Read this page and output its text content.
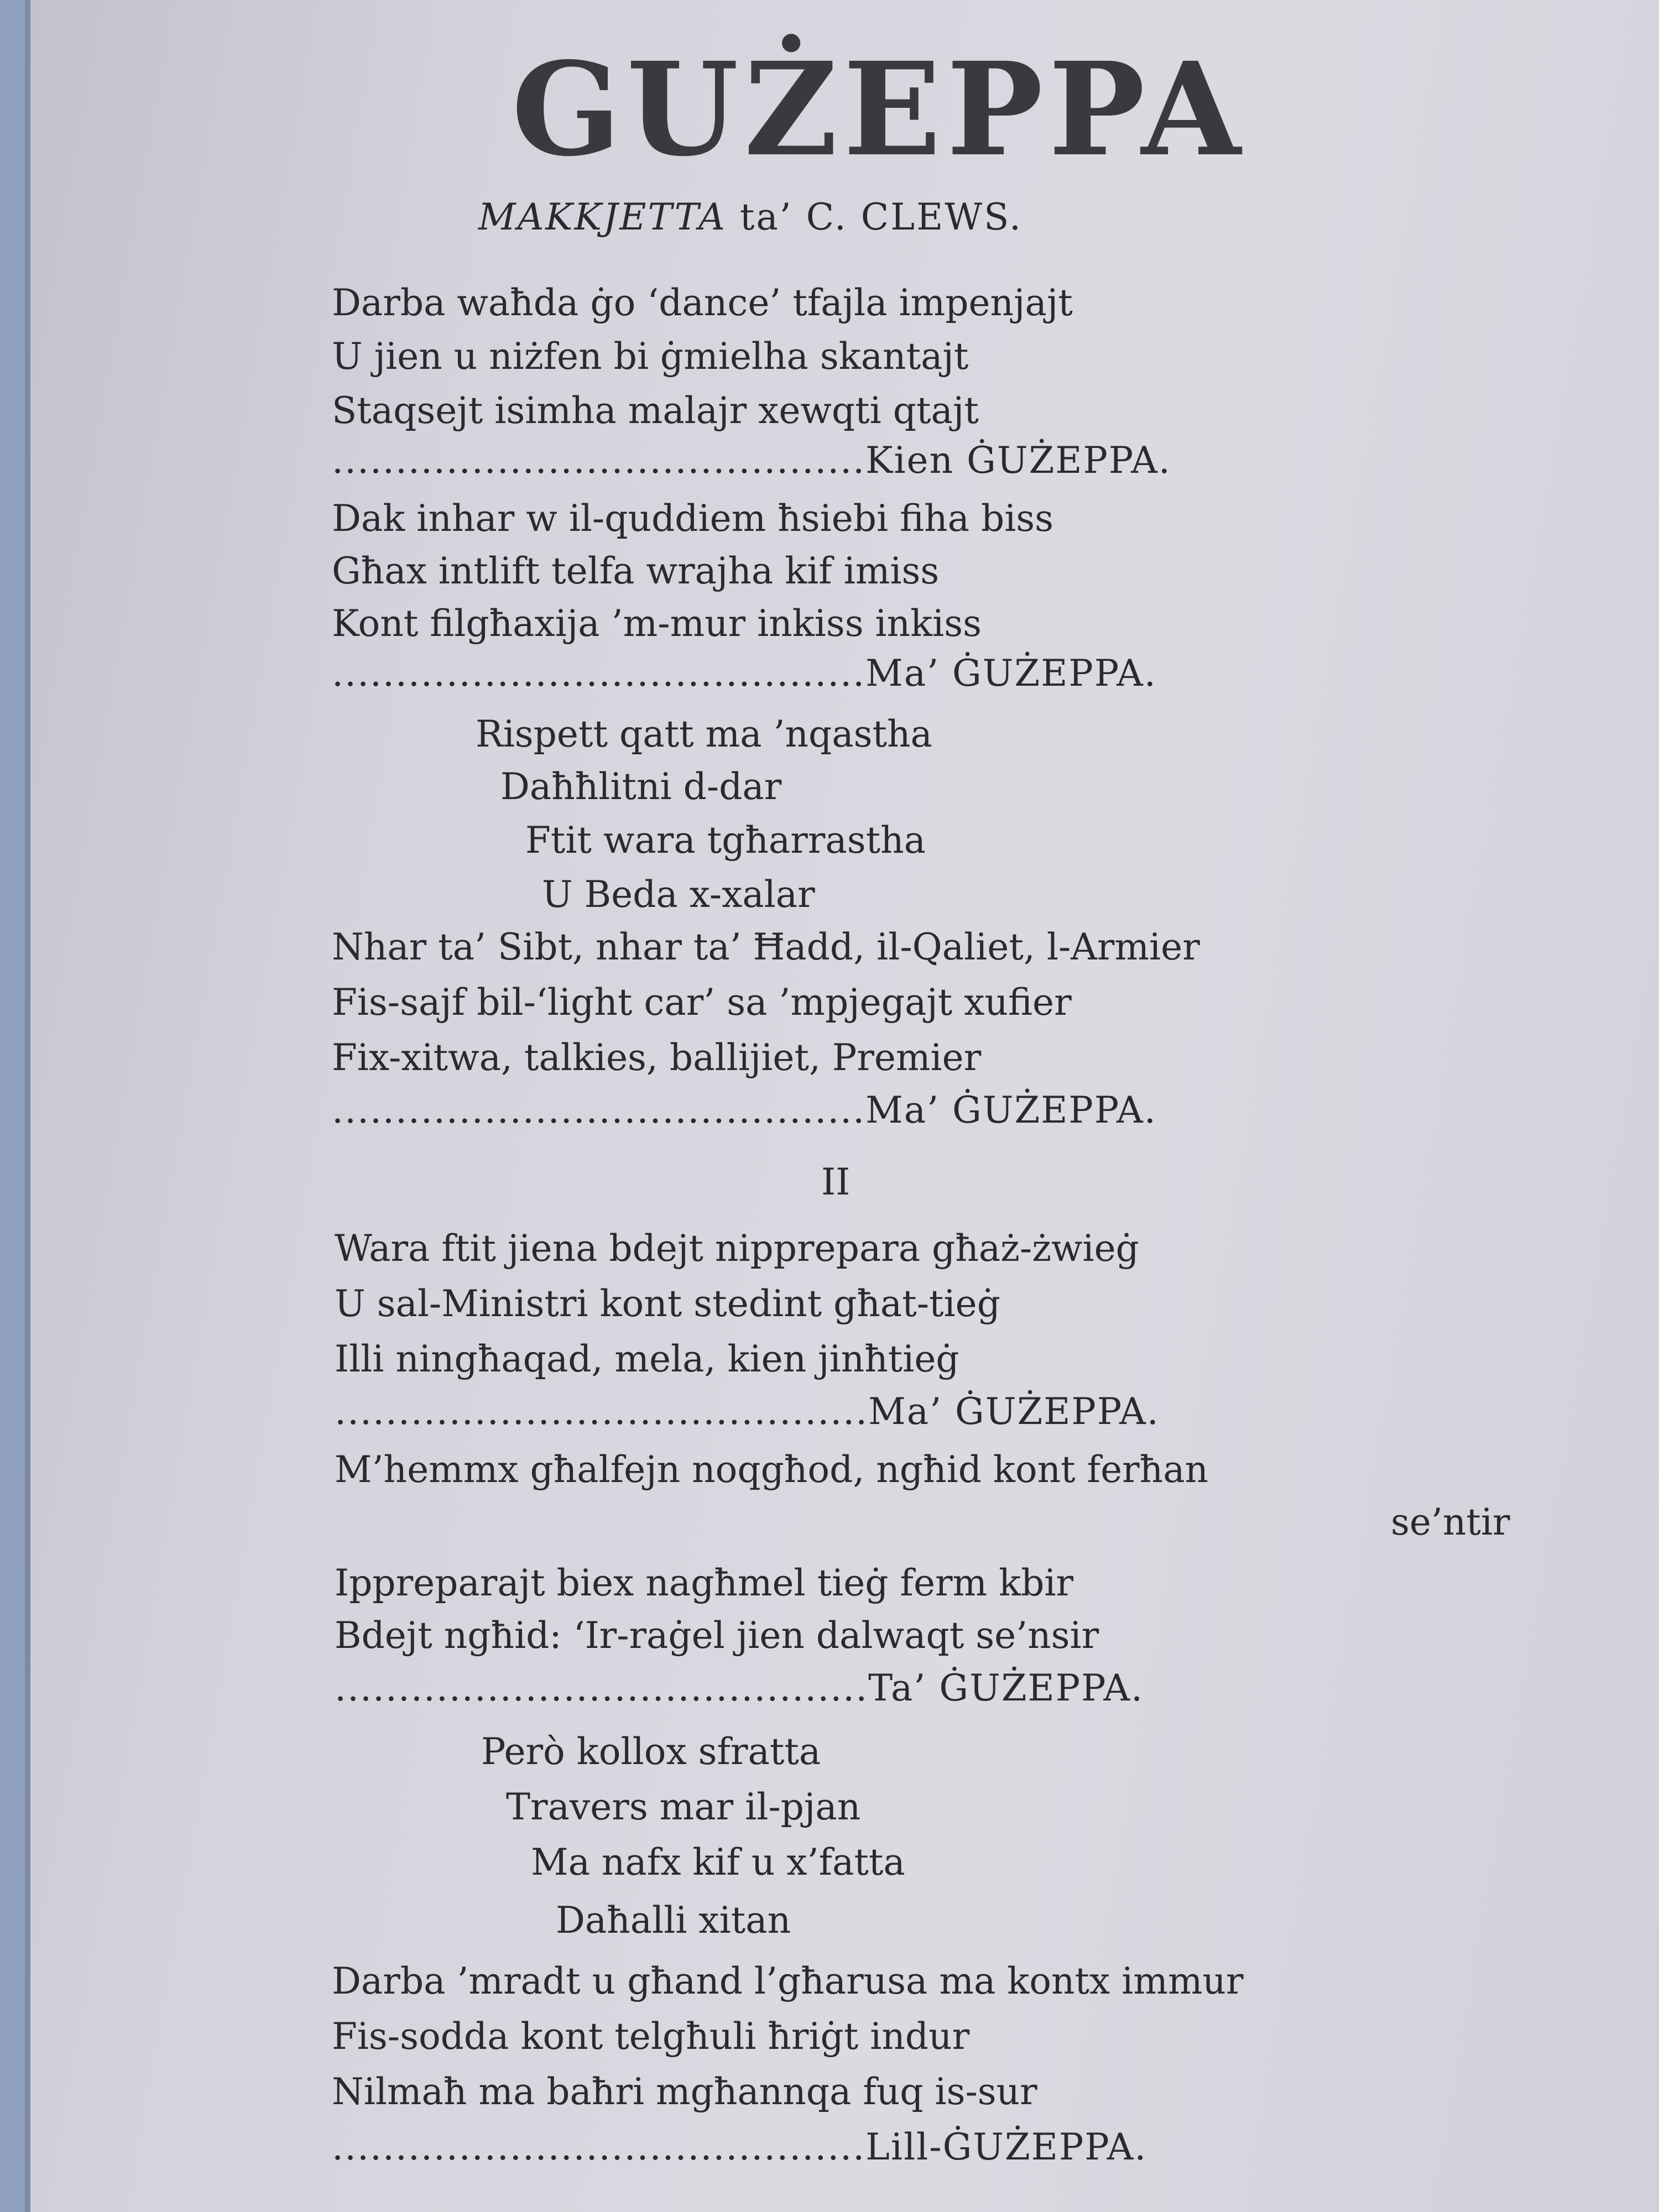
GUŻEPPA
MAKKJETTA ta’ C. CLEWS.
Darba waħda ġo ‘dance’ tfajla impenjajt
U jien u niżfen bi ġmielha skantajt
Staqsejt isimha malajr xewqti qtajt
..........................................Kien ĠUŻEPPA.
Dak inhar w il-quddiem ħsiebi fiha biss
Għax intlift telfa wrajha kif imiss
Kont filgħaxija ’m-mur inkiss inkiss
..........................................Ma’ ĠUŻEPPA.
Rispett qatt ma ’nqastha
Daħħlitni d-dar
Ftit wara tgħarrastha
U Beda x-xalar
Nhar ta’ Sibt, nhar ta’ Ħadd, il-Qaliet, l-Armier
Fis-sajf bil-‘light car’ sa ’mpjegajt xufier
Fix-xitwa, talkies, ballijiet, Premier
..........................................Ma’ ĠUŻEPPA.
II
Wara ftit jiena bdejt nipprepara għaż-żwieġ
U sal-Ministri kont stedint għat-tieġ
Illi ningħaqad, mela, kien jinħtieġ
..........................................Ma’ ĠUŻEPPA.
M’hemmx għalfejn noqgħod, ngħid kont ferħan
se’ntir
Ippreparajt biex nagħmel tieġ ferm kbir
Bdejt ngħid: ‘Ir-raġel jien dalwaqt se’nsir
..........................................Ta’ ĠUŻEPPA.
Però kollox sfratta
Travers mar il-pjan
Ma nafx kif u x’fatta
Daħalli xitan
Darba ’mradt u għand l’għarusa ma kontx immur
Fis-sodda kont telgħuli ħriġt indur
Nilmaħ ma baħri mgħannqa fuq is-sur
..........................................Lill-ĠUŻEPPA.
